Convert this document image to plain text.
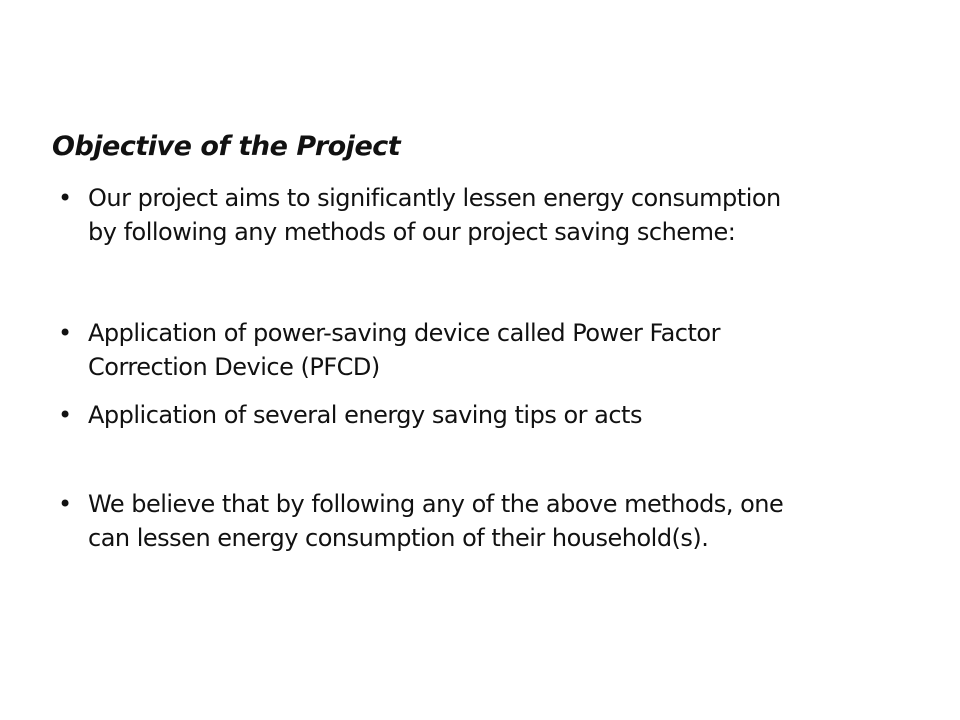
Objective of the Project
• Our project aims to significantly lessen energy consumption
by following any methods of our project saving scheme:
• Application of power-saving device called Power Factor
Correction Device (PFCD)
• Application of several energy saving tips or acts
• We believe that by following any of the above methods, one
can lessen energy consumption of their household(s).
